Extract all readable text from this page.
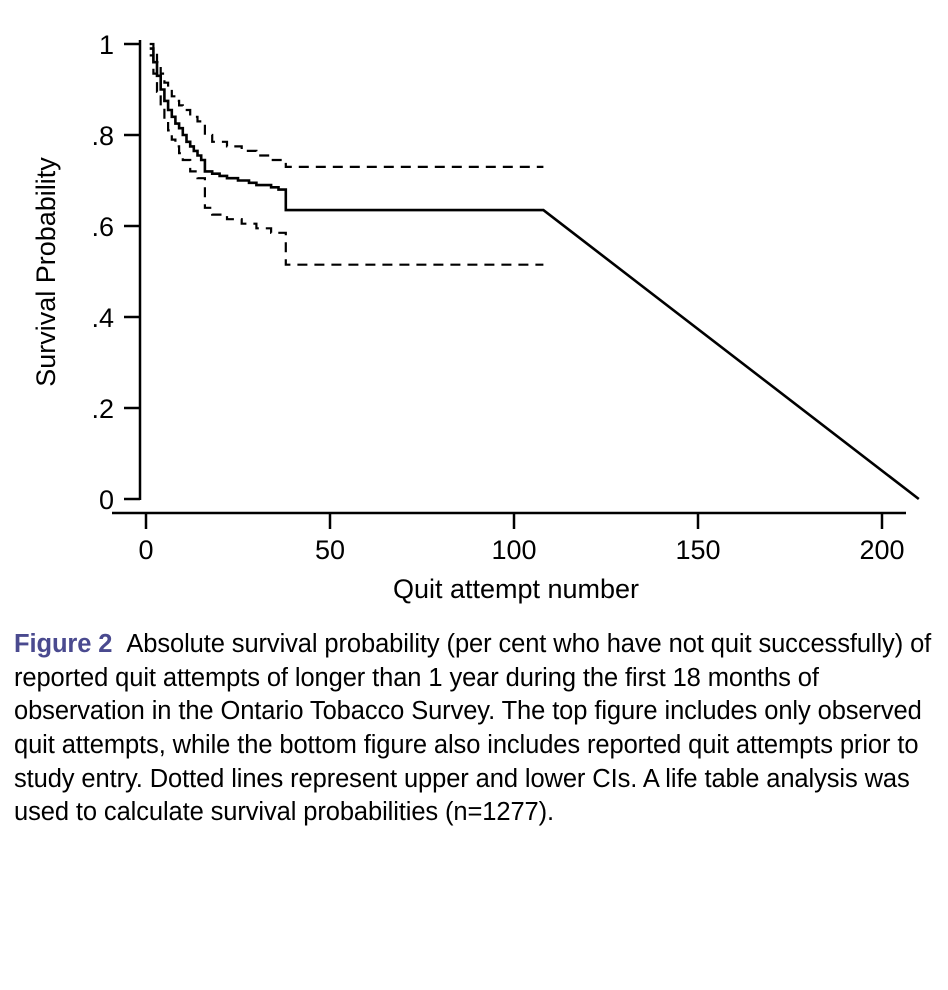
1
.8
.6
.4
.2
0
0	50	100	150	200
Quit attempt number
Survival Probability
Figure 2 Absolute survival probability (per cent who have not quit successfully) of reported quit attempts of longer than 1 year during the first 18 months of observation in the Ontario Tobacco Survey. The top figure includes only observed quit attempts, while the bottom figure also includes reported quit attempts prior to study entry. Dotted lines represent upper and lower CIs. A life table analysis was used to calculate survival probabilities (n=1277).
